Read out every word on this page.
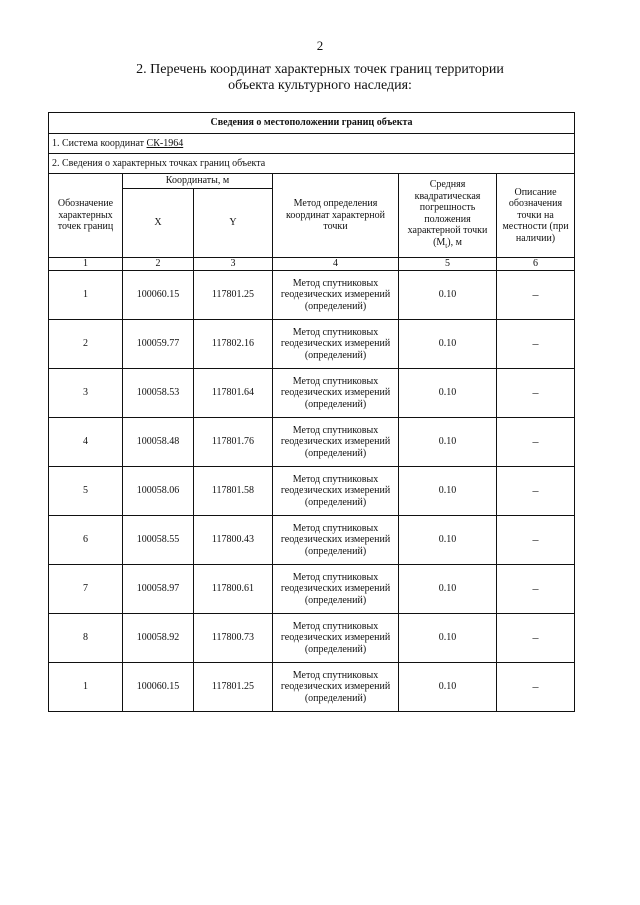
2
2. Перечень координат характерных точек границ территории
объекта культурного наследия:
Сведения о местоположении границ объекта					
1. Система координат СК-1964					
2. Сведения о характерных точках границ объекта					
Обозначение характерных точек границ	Координаты, м		Метод определения координат характерной точки	Средняя квадратическая погрешность положения характерной точки $(M_t)$, м	Описание обозначения точки на местности (при наличии)
	X	Y			
1	2	3	4	5	6
1	100060.15	117801.25	Метод спутниковых геодезических измерений (определений)	0.10	–
2	100059.77	117802.16	Метод спутниковых геодезических измерений (определений)	0.10	–
3	100058.53	117801.64	Метод спутниковых геодезических измерений (определений)	0.10	–
4	100058.48	117801.76	Метод спутниковых геодезических измерений (определений)	0.10	–
5	100058.06	117801.58	Метод спутниковых геодезических измерений (определений)	0.10	–
6	100058.55	117800.43	Метод спутниковых геодезических измерений (определений)	0.10	–
7	100058.97	117800.61	Метод спутниковых геодезических измерений (определений)	0.10	–
8	100058.92	117800.73	Метод спутниковых геодезических измерений (определений)	0.10	–
1	100060.15	117801.25	Метод спутниковых геодезических измерений (определений)	0.10	–
